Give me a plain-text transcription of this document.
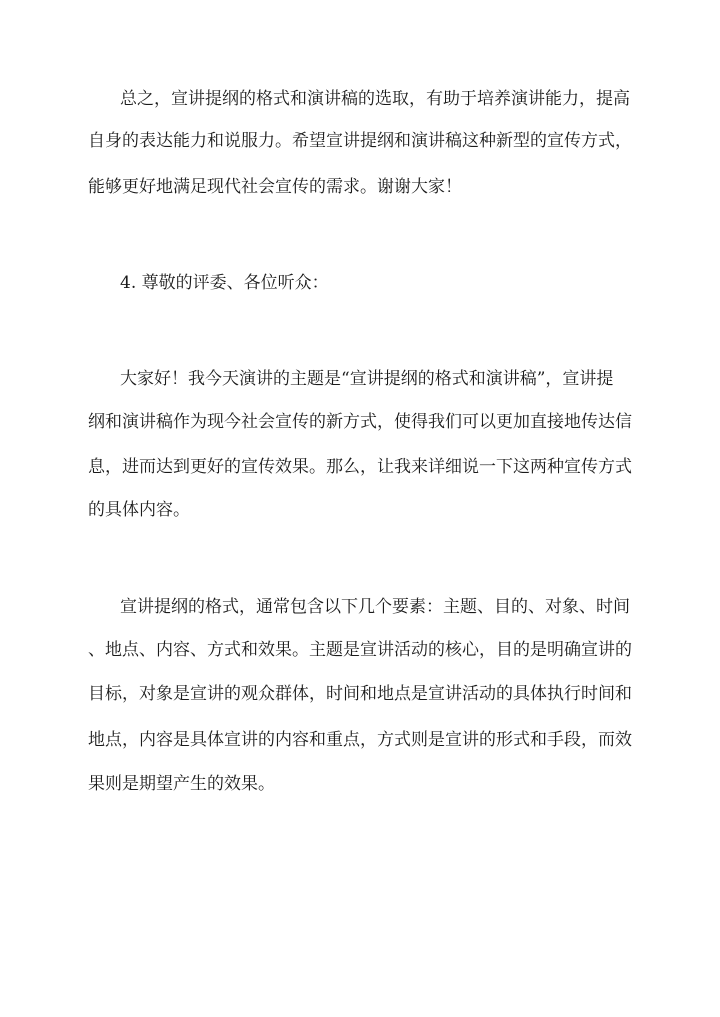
总之，宣讲提纲的格式和演讲稿的选取，有助于培养演讲能力，提高
自身的表达能力和说服力。希望宣讲提纲和演讲稿这种新型的宣传方式，
能够更好地满足现代社会宣传的需求。谢谢大家！
4. 尊敬的评委、各位听众：
大家好！我今天演讲的主题是“宣讲提纲的格式和演讲稿”，宣讲提
纲和演讲稿作为现今社会宣传的新方式，使得我们可以更加直接地传达信
息，进而达到更好的宣传效果。那么，让我来详细说一下这两种宣传方式
的具体内容。
宣讲提纲的格式，通常包含以下几个要素：主题、目的、对象、时间
、地点、内容、方式和效果。主题是宣讲活动的核心，目的是明确宣讲的
目标，对象是宣讲的观众群体，时间和地点是宣讲活动的具体执行时间和
地点，内容是具体宣讲的内容和重点，方式则是宣讲的形式和手段，而效
果则是期望产生的效果。
